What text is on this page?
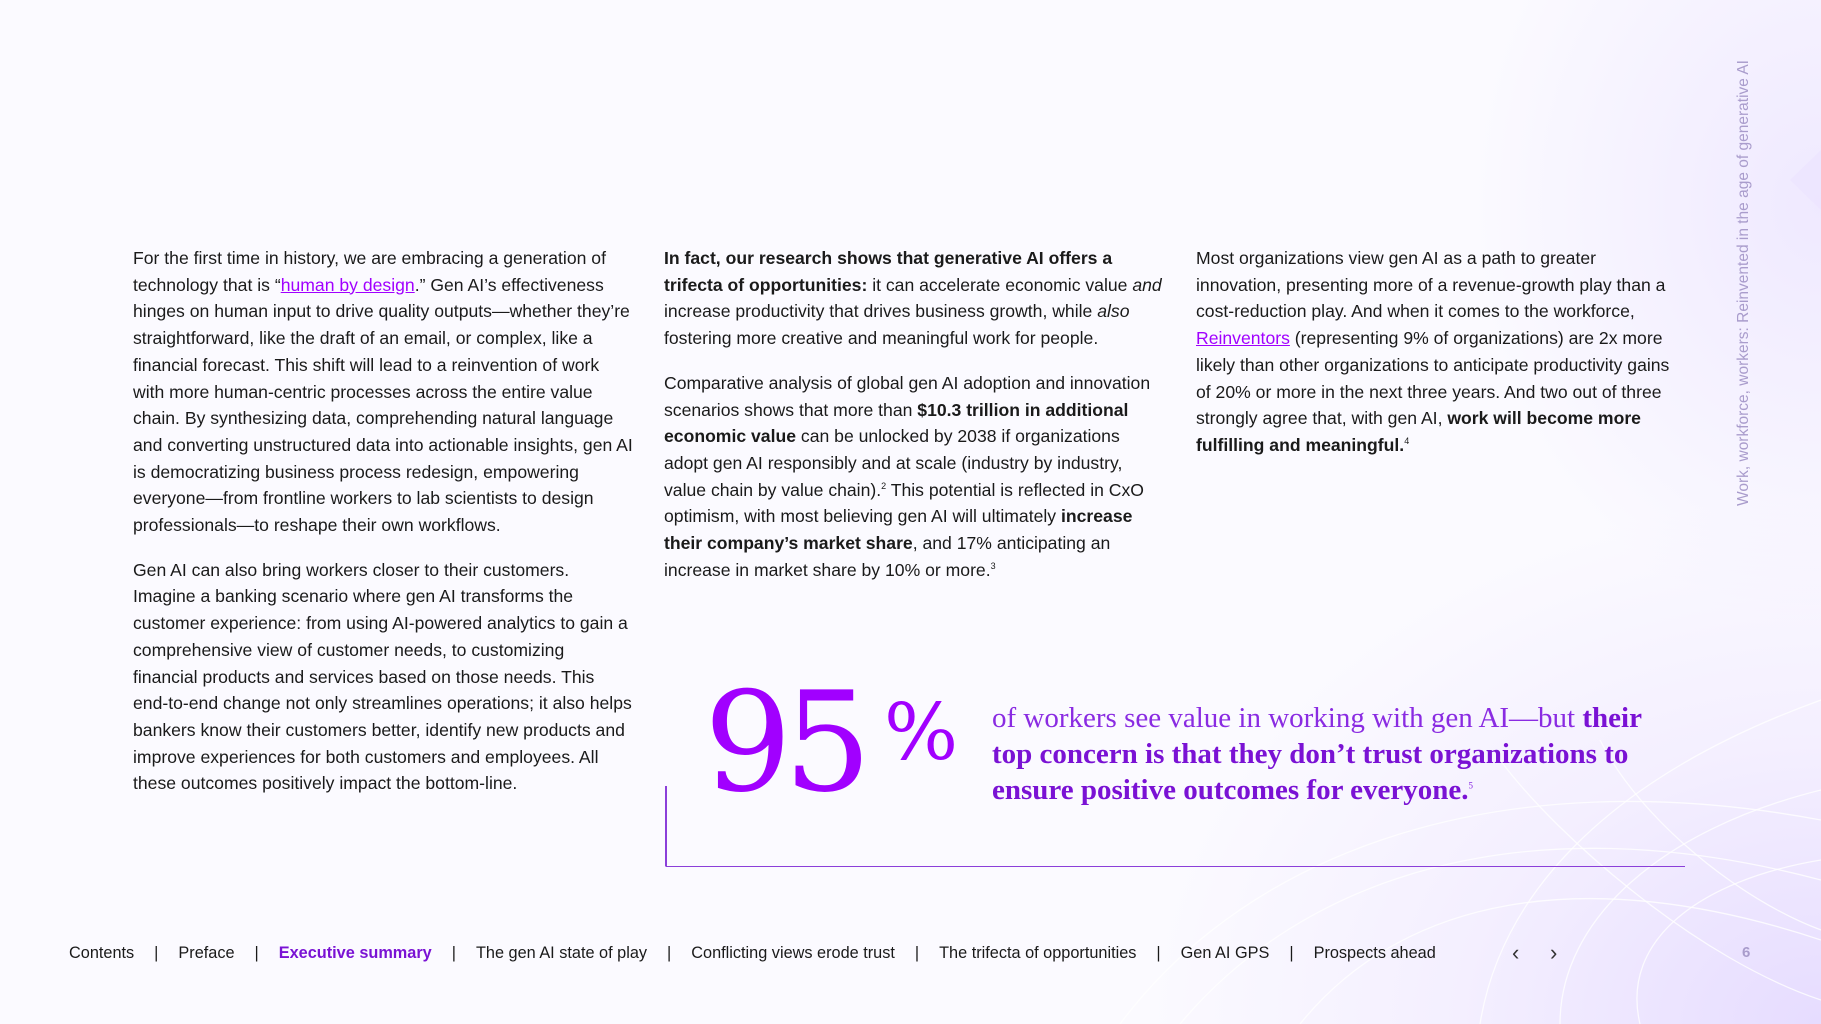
Work, workforce, workers: Reinvented in the age of generative AI

For the first time in history, we are embracing a generation of technology that is “human by design.” Gen AI’s effectiveness hinges on human input to drive quality outputs—whether they’re straightforward, like the draft of an email, or complex, like a financial forecast. This shift will lead to a reinvention of work with more human-centric processes across the entire value chain. By synthesizing data, comprehending natural language and converting unstructured data into actionable insights, gen AI is democratizing business process redesign, empowering everyone—from frontline workers to lab scientists to design professionals—to reshape their own workflows.

Gen AI can also bring workers closer to their customers. Imagine a banking scenario where gen AI transforms the customer experience: from using AI-powered analytics to gain a comprehensive view of customer needs, to customizing financial products and services based on those needs. This end-to-end change not only streamlines operations; it also helps bankers know their customers better, identify new products and improve experiences for both customers and employees. All these outcomes positively impact the bottom-line.

In fact, our research shows that generative AI offers a trifecta of opportunities: it can accelerate economic value and increase productivity that drives business growth, while also fostering more creative and meaningful work for people.

Comparative analysis of global gen AI adoption and innovation scenarios shows that more than $10.3 trillion in additional economic value can be unlocked by 2038 if organizations adopt gen AI responsibly and at scale (industry by industry, value chain by value chain).$^2$ This potential is reflected in CxO optimism, with most believing gen AI will ultimately increase their company’s market share, and 17% anticipating an increase in market share by 10% or more.$^3$

Most organizations view gen AI as a path to greater innovation, presenting more of a revenue-growth play than a cost-reduction play. And when it comes to the workforce, Reinventors (representing 9% of organizations) are 2x more likely than other organizations to anticipate productivity gains of 20% or more in the next three years. And two out of three strongly agree that, with gen AI, work will become more fulfilling and meaningful.$^4$

95 % of workers see value in working with gen AI—but their top concern is that they don’t trust organizations to ensure positive outcomes for everyone.$^5$
Contents | Preface | Executive summary | The gen AI state of play | Conflicting views erode trust | The trifecta of opportunities | Gen AI GPS | Prospects ahead	‹ ›	6
